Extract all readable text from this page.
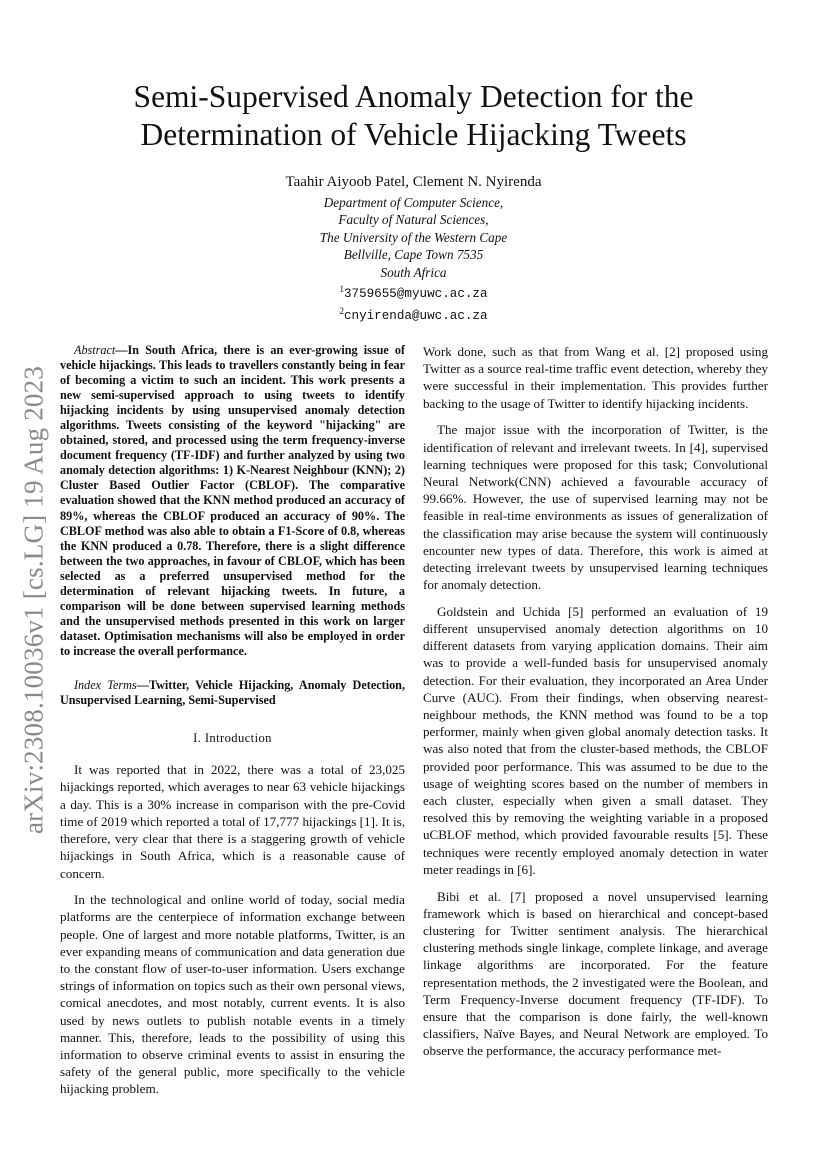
arXiv:2308.10036v1 [cs.LG] 19 Aug 2023
Semi-Supervised Anomaly Detection for the
Determination of Vehicle Hijacking Tweets
Taahir Aiyoob Patel, Clement N. Nyirenda
Department of Computer Science,
Faculty of Natural Sciences,
The University of the Western Cape
Bellville, Cape Town 7535
South Africa
$^1$3759655@myuwc.ac.za
$^2$cnyirenda@uwc.ac.za

Abstract—In South Africa, there is an ever-growing issue of vehicle hijackings. This leads to travellers constantly being in fear of becoming a victim to such an incident. This work presents a new semi-supervised approach to using tweets to identify hijacking incidents by using unsupervised anomaly detection algorithms. Tweets consisting of the keyword "hijacking" are obtained, stored, and processed using the term frequency-inverse document frequency (TF-IDF) and further analyzed by using two anomaly detection algorithms: 1) K-Nearest Neighbour (KNN); 2) Cluster Based Outlier Factor (CBLOF). The comparative evaluation showed that the KNN method produced an accuracy of 89%, whereas the CBLOF produced an accuracy of 90%. The CBLOF method was also able to obtain a F1-Score of 0.8, whereas the KNN produced a 0.78. Therefore, there is a slight difference between the two approaches, in favour of CBLOF, which has been selected as a preferred unsupervised method for the determination of relevant hijacking tweets. In future, a comparison will be done between supervised learning methods and the unsupervised methods presented in this work on larger dataset. Optimisation mechanisms will also be employed in order to increase the overall performance.

Index Terms—Twitter, Vehicle Hijacking, Anomaly Detection, Unsupervised Learning, Semi-Supervised

I. Introduction

It was reported that in 2022, there was a total of 23,025 hijackings reported, which averages to near 63 vehicle hijackings a day. This is a 30% increase in comparison with the pre-Covid time of 2019 which reported a total of 17,777 hijackings [1]. It is, therefore, very clear that there is a staggering growth of vehicle hijackings in South Africa, which is a reasonable cause of concern.

In the technological and online world of today, social media platforms are the centerpiece of information exchange between people. One of largest and more notable platforms, Twitter, is an ever expanding means of communication and data generation due to the constant flow of user-to-user information. Users exchange strings of information on topics such as their own personal views, comical anecdotes, and most notably, current events. It is also used by news outlets to publish notable events in a timely manner. This, therefore, leads to the possibility of using this information to observe criminal events to assist in ensuring the safety of the general public, more specifically to the vehicle hijacking problem.

Work done, such as that from Wang et al. [2] proposed using Twitter as a source real-time traffic event detection, whereby they were successful in their implementation. This provides further backing to the usage of Twitter to identify hijacking incidents.

The major issue with the incorporation of Twitter, is the identification of relevant and irrelevant tweets. In [4], supervised learning techniques were proposed for this task; Convolutional Neural Network(CNN) achieved a favourable accuracy of 99.66%. However, the use of supervised learning may not be feasible in real-time environments as issues of generalization of the classification may arise because the system will continuously encounter new types of data. Therefore, this work is aimed at detecting irrelevant tweets by unsupervised learning techniques for anomaly detection.

Goldstein and Uchida [5] performed an evaluation of 19 different unsupervised anomaly detection algorithms on 10 different datasets from varying application domains. Their aim was to provide a well-funded basis for unsupervised anomaly detection. For their evaluation, they incorporated an Area Under Curve (AUC). From their findings, when observing nearest-neighbour methods, the KNN method was found to be a top performer, mainly when given global anomaly detection tasks. It was also noted that from the cluster-based methods, the CBLOF provided poor performance. This was assumed to be due to the usage of weighting scores based on the number of members in each cluster, especially when given a small dataset. They resolved this by removing the weighting variable in a proposed uCBLOF method, which provided favourable results [5]. These techniques were recently employed anomaly detection in water meter readings in [6].

Bibi et al. [7] proposed a novel unsupervised learning framework which is based on hierarchical and concept-based clustering for Twitter sentiment analysis. The hierarchical clustering methods single linkage, complete linkage, and average linkage algorithms are incorporated. For the feature representation methods, the 2 investigated were the Boolean, and Term Frequency-Inverse document frequency (TF-IDF). To ensure that the comparison is done fairly, the well-known classifiers, Naïve Bayes, and Neural Network are employed. To observe the performance, the accuracy performance met-
